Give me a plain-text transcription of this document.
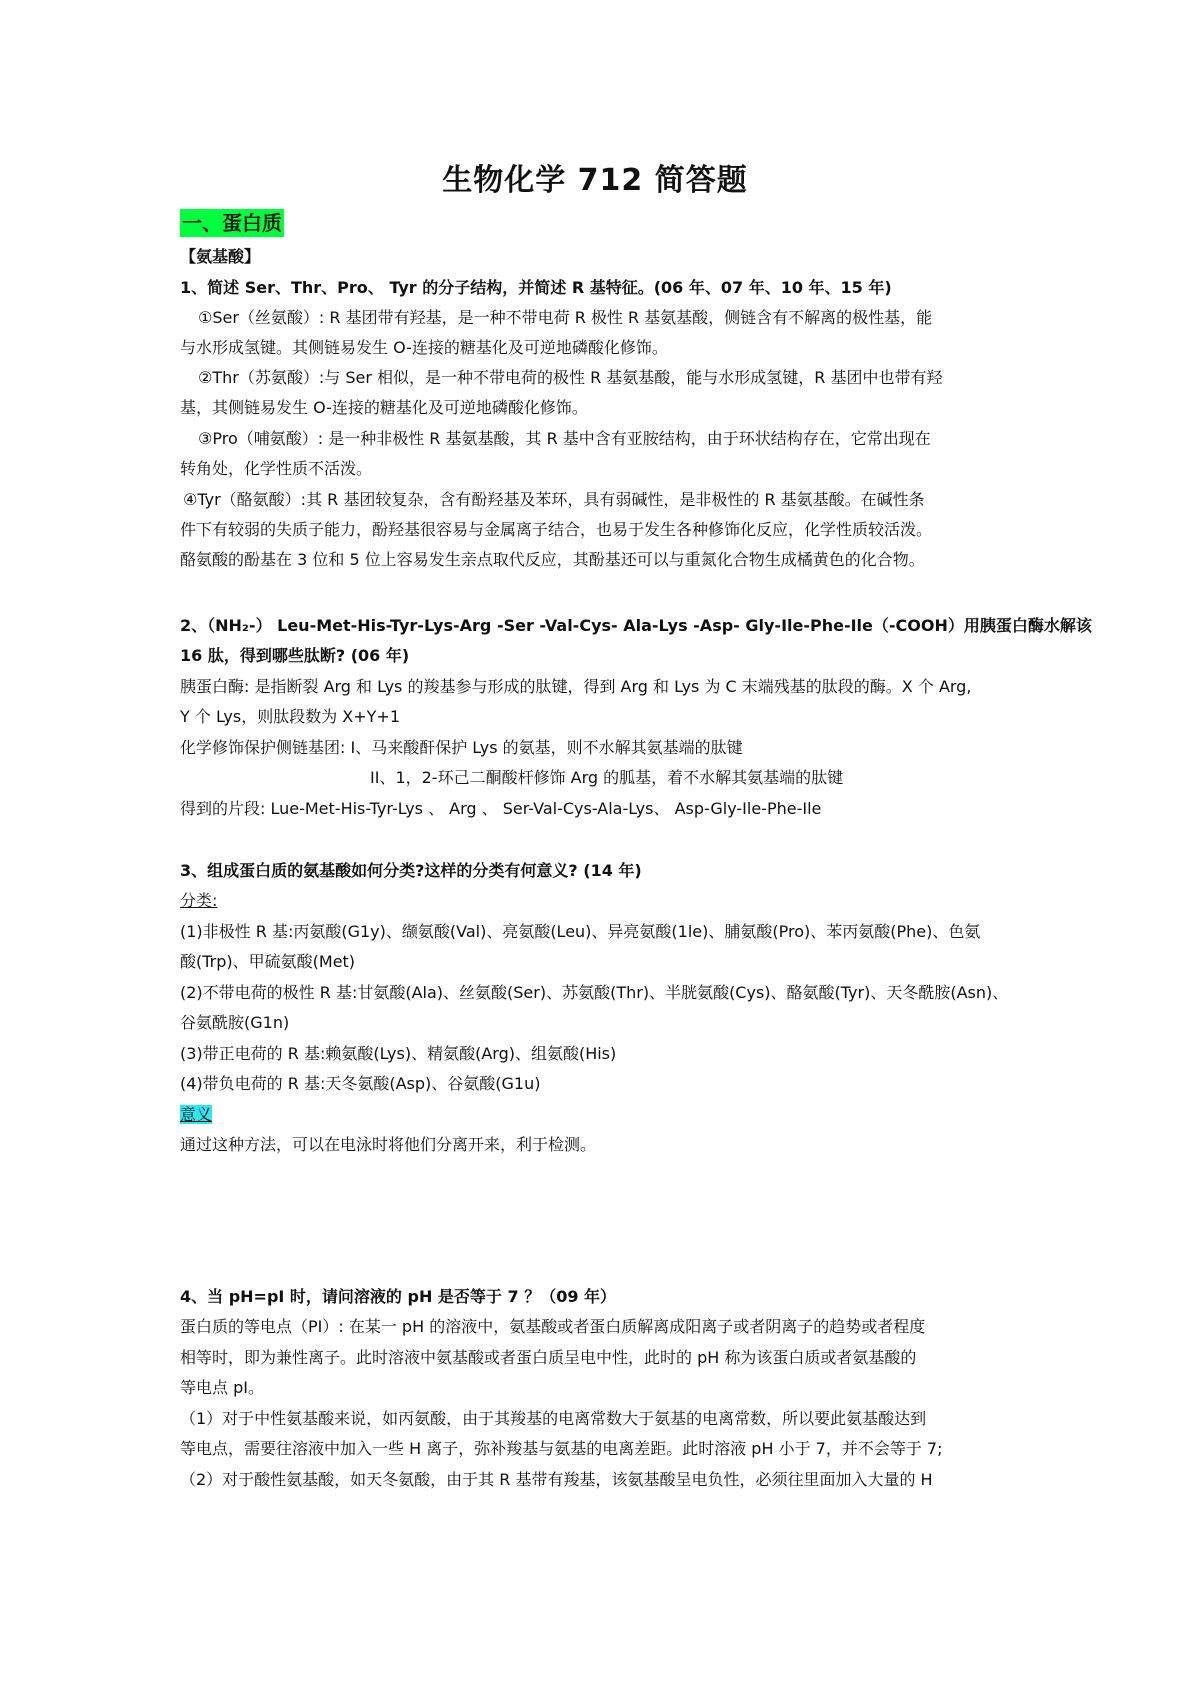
生物化学 712 简答题
一、蛋白质
【氨基酸】
1、简述 Ser、Thr、Pro、 Tyr 的分子结构，并简述 R 基特征。(06 年、07 年、10 年、15 年)
①Ser（丝氨酸）: R 基团带有羟基，是一种不带电荷 R 极性 R 基氨基酸，侧链含有不解离的极性基，能
与水形成氢键。其侧链易发生 O-连接的糖基化及可逆地磷酸化修饰。
②Thr（苏氨酸）:与 Ser 相似，是一种不带电荷的极性 R 基氨基酸，能与水形成氢键，R 基团中也带有羟
基，其侧链易发生 O-连接的糖基化及可逆地磷酸化修饰。
③Pro（哺氨酸）: 是一种非极性 R 基氨基酸，其 R 基中含有亚胺结构，由于环状结构存在，它常出现在
转角处，化学性质不活泼。
④Tyr（酪氨酸）:其 R 基团较复杂，含有酚羟基及苯环，具有弱碱性，是非极性的 R 基氨基酸。在碱性条
件下有较弱的失质子能力，酚羟基很容易与金属离子结合，也易于发生各种修饰化反应，化学性质较活泼。
酪氨酸的酚基在 3 位和 5 位上容易发生亲点取代反应，其酚基还可以与重氮化合物生成橘黄色的化合物。
2、（NH₂-） Leu-Met-His-Tyr-Lys-Arg -Ser -Val-Cys- Ala-Lys -Asp- Gly-Ile-Phe-Ile（-COOH）用胰蛋白酶水解该
16 肽，得到哪些肽断? (06 年)
胰蛋白酶: 是指断裂 Arg 和 Lys 的羧基参与形成的肽键，得到 Arg 和 Lys 为 C 末端残基的肽段的酶。X 个 Arg,
Y 个 Lys，则肽段数为 X+Y+1
化学修饰保护侧链基团: I、马来酸酐保护 Lys 的氨基，则不水解其氨基端的肽键
II、1，2-环己二酮酸杆修饰 Arg 的胍基，着不水解其氨基端的肽键
得到的片段: Lue-Met-His-Tyr-Lys 、 Arg 、 Ser-Val-Cys-Ala-Lys、 Asp-Gly-Ile-Phe-Ile
3、组成蛋白质的氨基酸如何分类?这样的分类有何意义? (14 年)
分类:
(1)非极性 R 基:丙氨酸(G1y)、缬氨酸(Val)、亮氨酸(Leu)、异亮氨酸(1le)、脯氨酸(Pro)、苯丙氨酸(Phe)、色氨
酸(Trp)、甲硫氨酸(Met)
(2)不带电荷的极性 R 基:甘氨酸(Ala)、丝氨酸(Ser)、苏氨酸(Thr)、半胱氨酸(Cys)、酪氨酸(Tyr)、天冬酰胺(Asn)、
谷氨酰胺(G1n)
(3)带正电荷的 R 基:赖氨酸(Lys)、精氨酸(Arg)、组氨酸(His)
(4)带负电荷的 R 基:天冬氨酸(Asp)、谷氨酸(G1u)
意义
通过这种方法，可以在电泳时将他们分离开来，利于检测。
4、当 pH=pI 时，请问溶液的 pH 是否等于 7 ？（09 年）
蛋白质的等电点（PI）: 在某一 pH 的溶液中，氨基酸或者蛋白质解离成阳离子或者阴离子的趋势或者程度
相等时，即为兼性离子。此时溶液中氨基酸或者蛋白质呈电中性，此时的 pH 称为该蛋白质或者氨基酸的
等电点 pI。
（1）对于中性氨基酸来说，如丙氨酸，由于其羧基的电离常数大于氨基的电离常数，所以要此氨基酸达到
等电点，需要往溶液中加入一些 H 离子，弥补羧基与氨基的电离差距。此时溶液 pH 小于 7，并不会等于 7;
（2）对于酸性氨基酸，如天冬氨酸，由于其 R 基带有羧基，该氨基酸呈电负性，必须往里面加入大量的 H
